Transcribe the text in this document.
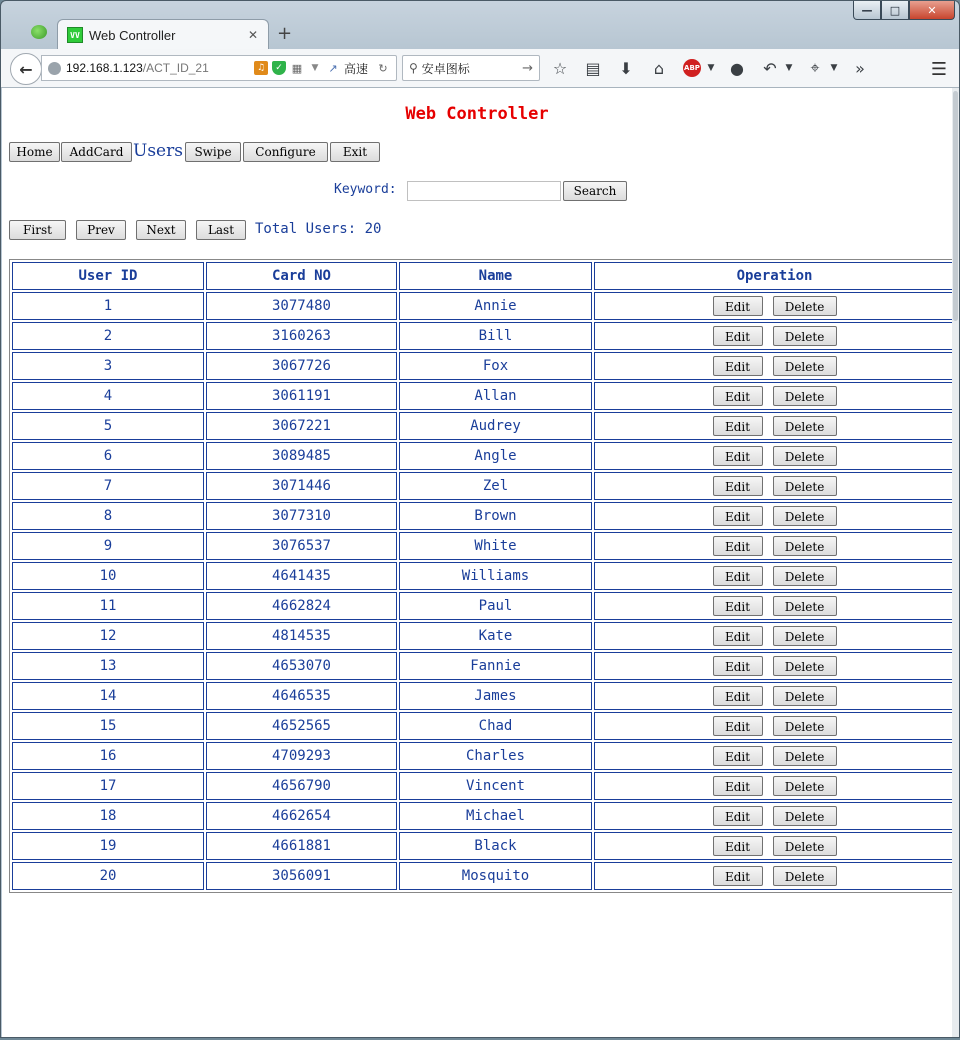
—	□	✕
VV Web Controller	✕ +
←	192.168.1.123 /ACT_ID_21	♫	✓ ▦	▼ ↗ 高速 ↻ ⚲ 安卓图标	→ ☆ ▤ ⬇	⌂	ABP ▼ ● ↶ ▼	⌖	▼	»	☰
Web Controller
Home	AddCard Users Swipe	Configure	Exit
Keyword:	Search
First	Prev	Next	Last	Total Users: 20
User ID	Card NO	Name	Operation
1	3077480	Annie	Edit Delete
2	3160263	Bill	Edit Delete
3	3067726	Fox	Edit Delete
4	3061191	Allan	Edit Delete
5	3067221	Audrey	Edit Delete
6	3089485	Angle	Edit Delete
7	3071446	Zel	Edit Delete
8	3077310	Brown	Edit Delete
9	3076537	White	Edit Delete
10	4641435	Williams	Edit Delete
11	4662824	Paul	Edit Delete
12	4814535	Kate	Edit Delete
13	4653070	Fannie	Edit Delete
14	4646535	James	Edit Delete
15	4652565	Chad	Edit Delete
16	4709293	Charles	Edit Delete
17	4656790	Vincent	Edit Delete
18	4662654	Michael	Edit Delete
19	4661881	Black	Edit Delete
20	3056091	Mosquito	Edit Delete
